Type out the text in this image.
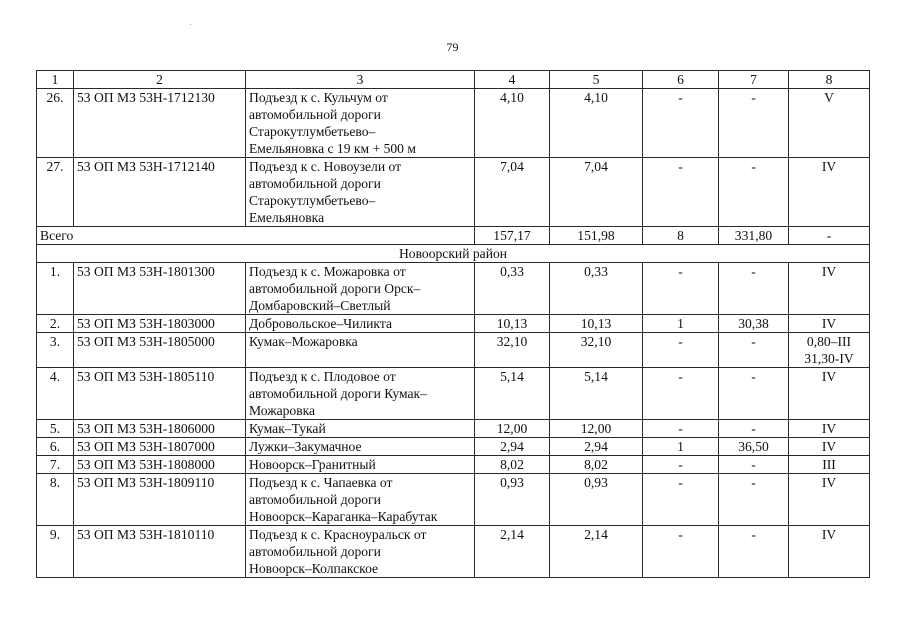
79
1	2	3	4	5	6	7	8
26.	53 ОП МЗ 53Н-1712130	Подъезд к с. Кульчум от
автомобильной дороги
Старокутлумбетьево–
Емельяновка с 19 км + 500 м	4,10	4,10	-	-	V
27.	53 ОП МЗ 53Н-1712140	Подъезд к с. Новоузели от
автомобильной дороги
Старокутлумбетьево–
Емельяновка	7,04	7,04	-	-	IV
Всего			157,17	151,98	8	331,80	-
Новоорский район							
1.	53 ОП МЗ 53Н-1801300	Подъезд к с. Можаровка от
автомобильной дороги Орск–
Домбаровский–Светлый	0,33	0,33	-	-	IV

2.	53 ОП МЗ 53Н-1803000	Добровольское–Чиликта	10,13	10,13	1	30,38	IV

3.	53 ОП МЗ 53Н-1805000	Кумак–Можаровка	32,10	32,10	-	-	0,80–III
31,30-IV

4.	53 ОП МЗ 53Н-1805110	Подъезд к с. Плодовое от
автомобильной дороги Кумак–
Можаровка	5,14	5,14	-	-	IV

5.	53 ОП МЗ 53Н-1806000	Кумак–Тукай	12,00	12,00	-	-	IV

6.	53 ОП МЗ 53Н-1807000	Лужки–Закумачное	2,94	2,94	1	36,50	IV

7.	53 ОП МЗ 53Н-1808000	Новоорск–Гранитный	8,02	8,02	-	-	III

8.	53 ОП МЗ 53Н-1809110	Подъезд к с. Чапаевка от
автомобильной дороги
Новоорск–Караганка–Карабутак	0,93	0,93	-	-	IV

9.	53 ОП МЗ 53Н-1810110	Подъезд к с. Красноуральск от
автомобильной дороги
Новоорск–Колпакское	2,14	2,14	-	-	IV
